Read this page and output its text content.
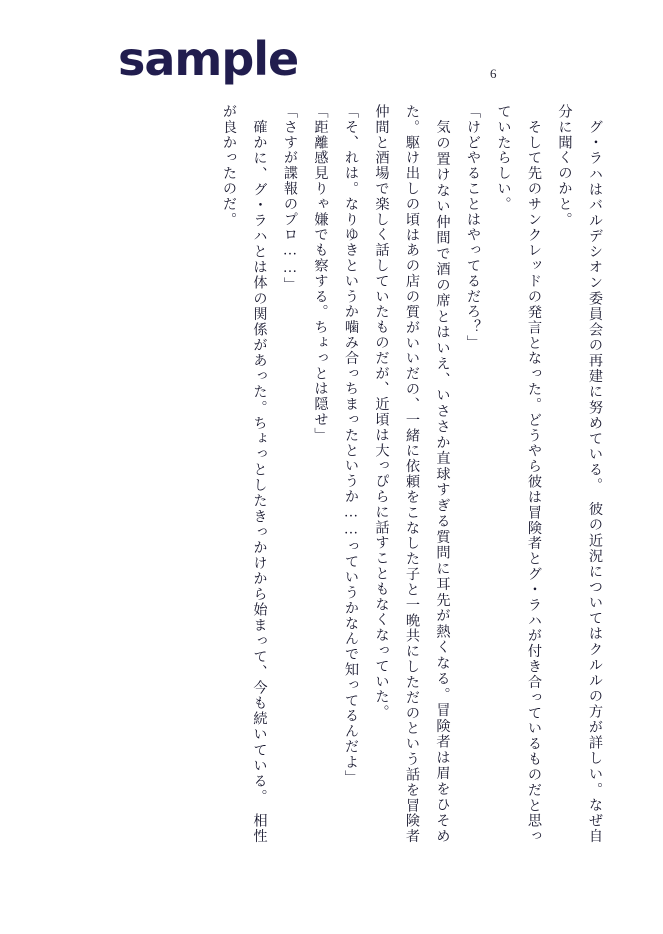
sample	6

　グ・ラハはバルデシオン委員会の再建に努めている。　彼の近況についてはクルルの方が詳しい。なぜ自分に聞くのかと。

　そして先のサンクレッドの発言となった。どうやら彼は冒険者とグ・ラハが付き合っているものだと思っていたらしい。

「けどやることはやってるだろ？」

　気の置けない仲間で酒の席とはいえ、いささか直球すぎる質問に耳先が熱くなる。冒険者は眉をひそめた。駆け出しの頃はあの店の質がいいだの、一緒に依頼をこなした子と一晩共にしただのという話を冒険者仲間と酒場で楽しく話していたものだが、近頃は大っぴらに話すこともなくなっていた。

「そ、れは。なりゆきというか噛み合っちまったというか……っていうかなんで知ってるんだよ」

「距離感見りゃ嫌でも察する。ちょっとは隠せ」

「さすが諜報のプロ……」

　確かに、グ・ラハとは体の関係があった。ちょっとしたきっかけから始まって、今も続いている。　相性が良かったのだ。
